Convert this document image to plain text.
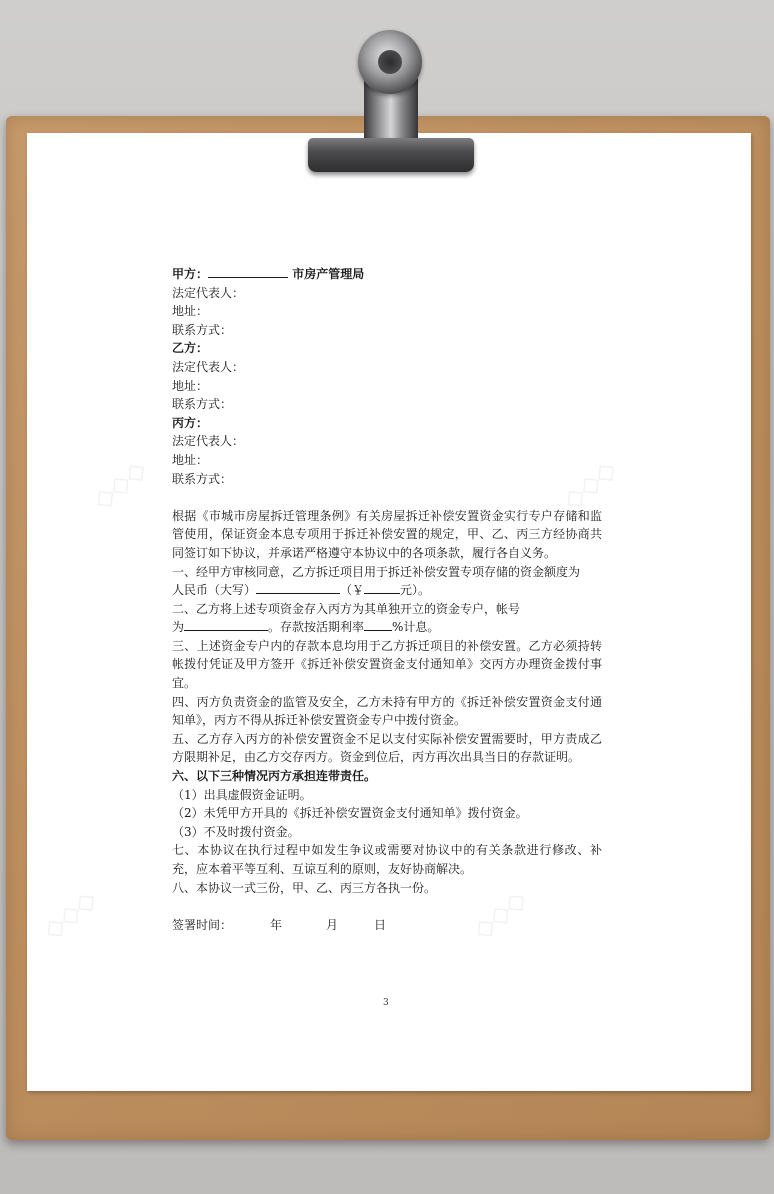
◇◇◇	◇◇◇
◇◇◇	◇◇◇
甲方：	市房产管理局
法定代表人：
地址：
联系方式：
乙方：
法定代表人：
地址：
联系方式：
丙方：
法定代表人：
地址：
联系方式：
根据《市城市房屋拆迁管理条例》有关房屋拆迁补偿安置资金实行专户存储和监管使用，保证资金本息专项用于拆迁补偿安置的规定，甲、乙、丙三方经协商共同签订如下协议，并承诺严格遵守本协议中的各项条款，履行各自义务。
一、经甲方审核同意，乙方拆迁项目用于拆迁补偿安置专项存储的资金额度为
人民币（大写）	（￥	元）。
二、乙方将上述专项资金存入丙方为其单独开立的资金专户，帐号
为	。存款按活期利率 %计息。
三、上述资金专户内的存款本息均用于乙方拆迁项目的补偿安置。乙方必须持转帐拨付凭证及甲方签开《拆迁补偿安置资金支付通知单》交丙方办理资金拨付事宜。
四、丙方负责资金的监管及安全，乙方未持有甲方的《拆迁补偿安置资金支付通知单》，丙方不得从拆迁补偿安置资金专户中拨付资金。
五、乙方存入丙方的补偿安置资金不足以支付实际补偿安置需要时，甲方责成乙方限期补足，由乙方交存丙方。资金到位后，丙方再次出具当日的存款证明。
六、以下三种情况丙方承担连带责任。
（1）出具虚假资金证明。
（2）未凭甲方开具的《拆迁补偿安置资金支付通知单》拨付资金。
（3）不及时拨付资金。
七、本协议在执行过程中如发生争议或需要对协议中的有关条款进行修改、补充，应本着平等互利、互谅互利的原则，友好协商解决。
八、本协议一式三份，甲、乙、丙三方各执一份。
签署时间：	年	月	日
3
